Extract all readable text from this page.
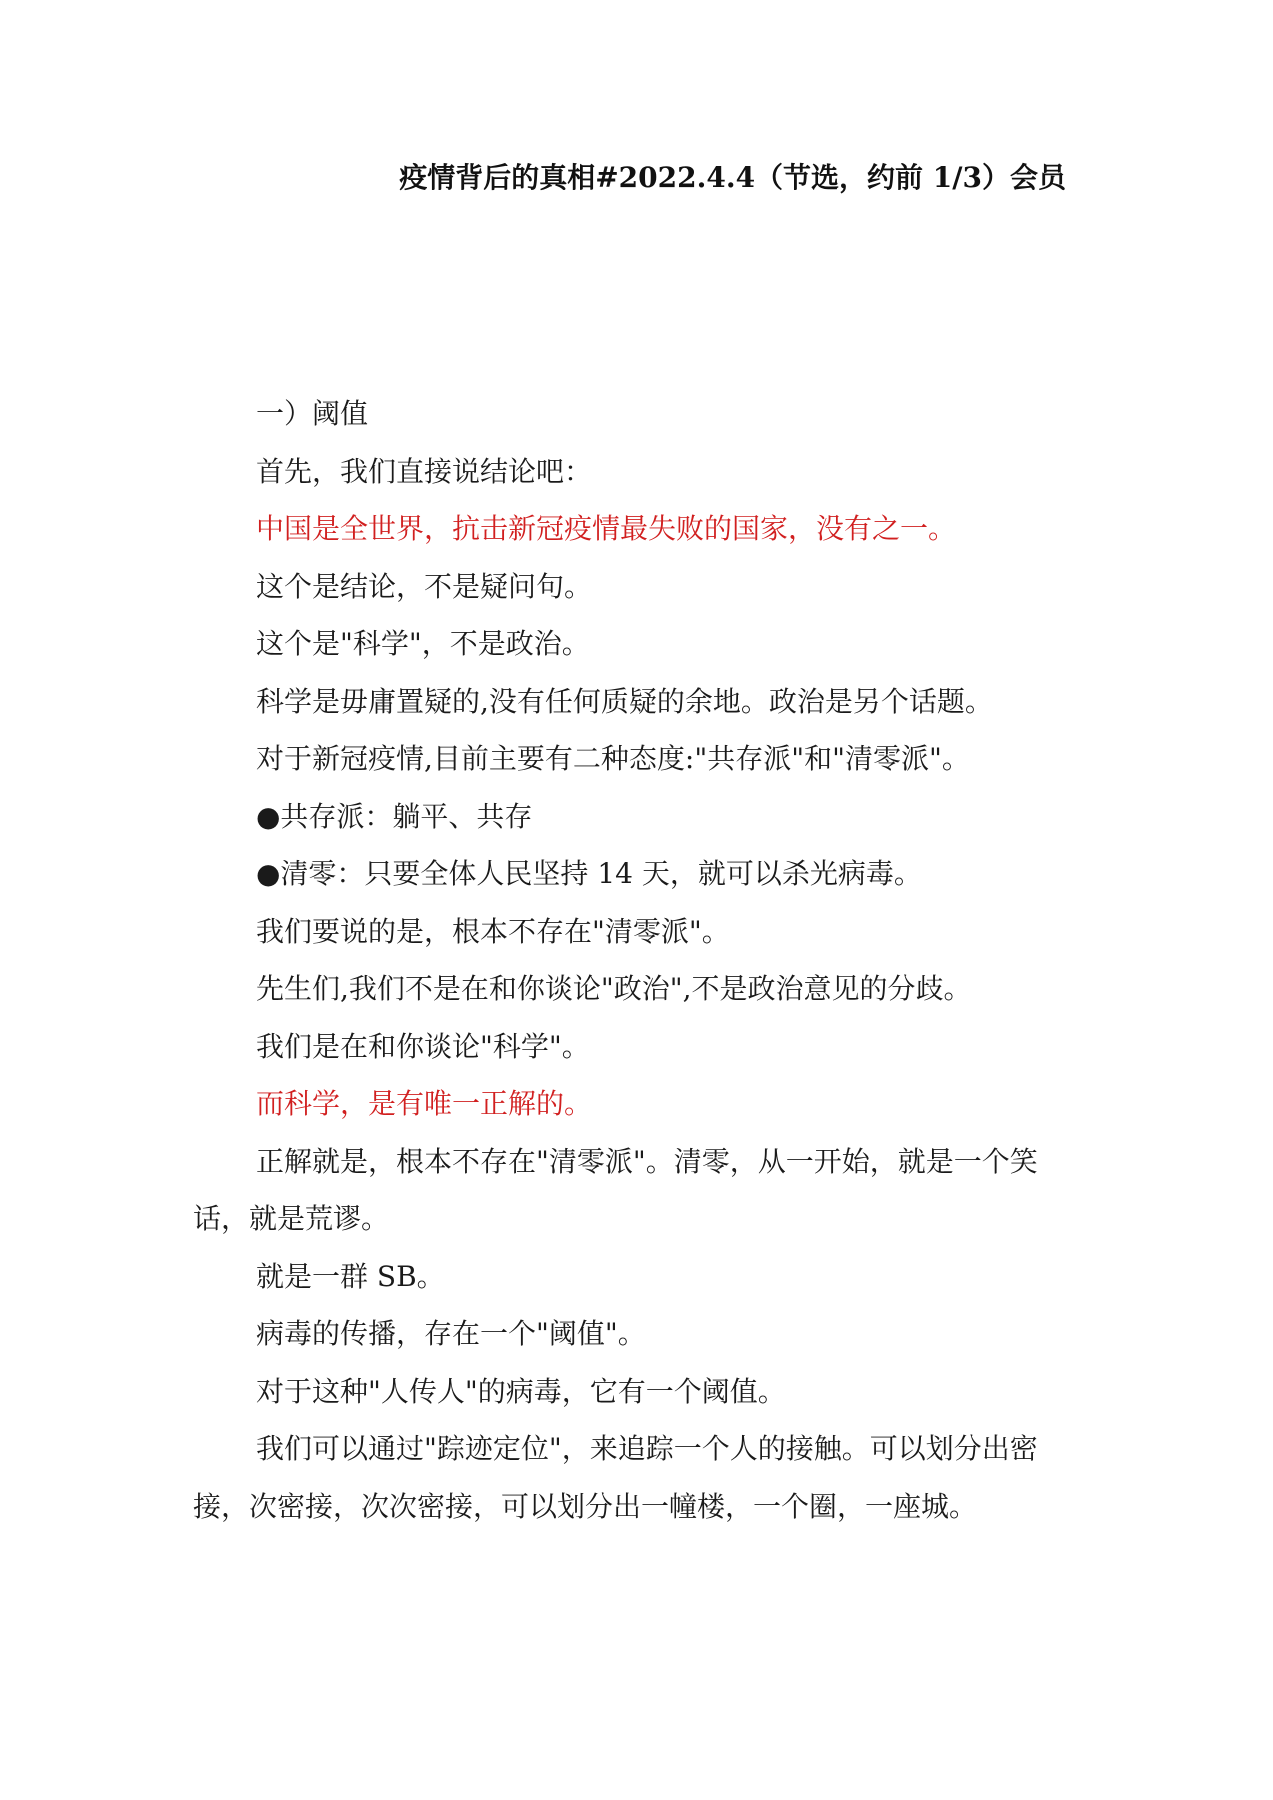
疫情背后的真相#2022.4.4（节选，约前 1/3）会员

一）阈值

首先，我们直接说结论吧：

中国是全世界，抗击新冠疫情最失败的国家，没有之一。

这个是结论，不是疑问句。

这个是"科学"，不是政治。

科学是毋庸置疑的,没有任何质疑的余地。政治是另个话题。

对于新冠疫情,目前主要有二种态度:"共存派"和"清零派"。

●共存派：躺平、共存

●清零：只要全体人民坚持 14 天，就可以杀光病毒。

我们要说的是，根本不存在"清零派"。

先生们,我们不是在和你谈论"政治",不是政治意见的分歧。

我们是在和你谈论"科学"。

而科学，是有唯一正解的。

正解就是，根本不存在"清零派"。清零，从一开始，就是一个笑话，就是荒谬。

就是一群 SB。

病毒的传播，存在一个"阈值"。

对于这种"人传人"的病毒，它有一个阈值。

我们可以通过"踪迹定位"，来追踪一个人的接触。可以划分出密接，次密接，次次密接，可以划分出一幢楼，一个圈，一座城。
